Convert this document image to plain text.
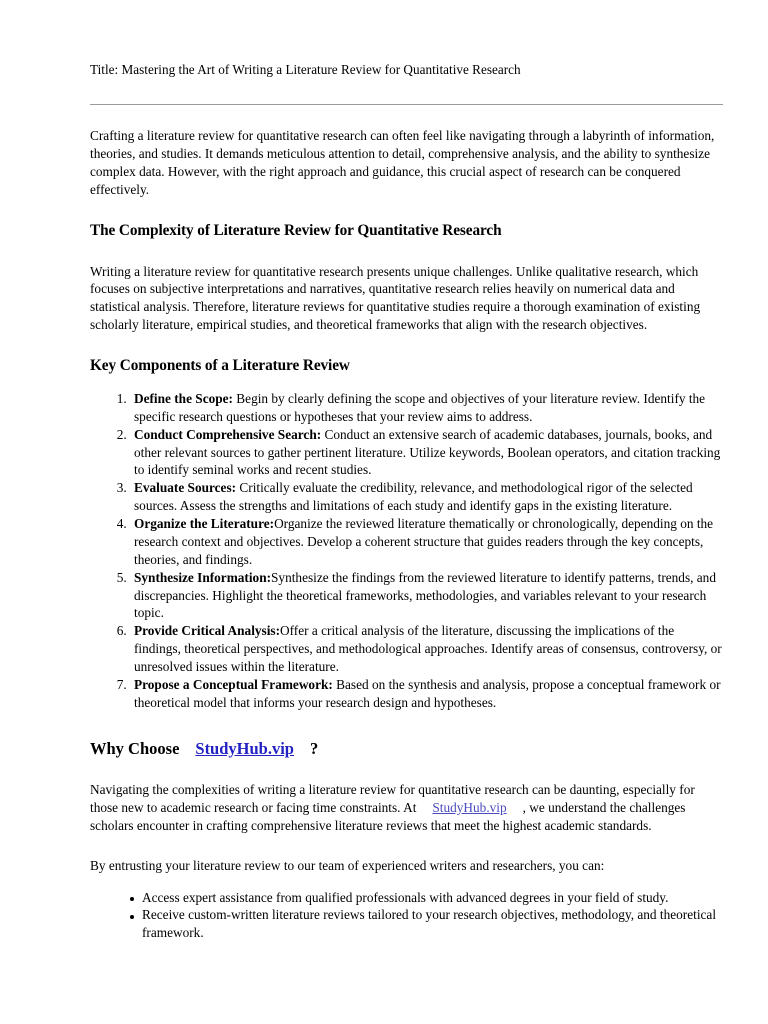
Title: Mastering the Art of Writing a Literature Review for Quantitative Research

Crafting a literature review for quantitative research can often feel like navigating through a labyrinth of information, theories, and studies. It demands meticulous attention to detail, comprehensive analysis, and the ability to synthesize complex data. However, with the right approach and guidance, this crucial aspect of research can be conquered effectively.

The Complexity of Literature Review for Quantitative Research

Writing a literature review for quantitative research presents unique challenges. Unlike qualitative research, which focuses on subjective interpretations and narratives, quantitative research relies heavily on numerical data and statistical analysis. Therefore, literature reviews for quantitative studies require a thorough examination of existing scholarly literature, empirical studies, and theoretical frameworks that align with the research objectives.

Key Components of a Literature Review
1. Define the Scope: Begin by clearly defining the scope and objectives of your literature review. Identify the specific research questions or hypotheses that your review aims to address.
2. Conduct Comprehensive Search: Conduct an extensive search of academic databases, journals, books, and other relevant sources to gather pertinent literature. Utilize keywords, Boolean operators, and citation tracking to identify seminal works and recent studies.
3. Evaluate Sources: Critically evaluate the credibility, relevance, and methodological rigor of the selected sources. Assess the strengths and limitations of each study and identify gaps in the existing literature.
4. Organize the Literature:Organize the reviewed literature thematically or chronologically, depending on the research context and objectives. Develop a coherent structure that guides readers through the key concepts, theories, and findings.
5. Synthesize Information:Synthesize the findings from the reviewed literature to identify patterns, trends, and discrepancies. Highlight the theoretical frameworks, methodologies, and variables relevant to your research topic.
6. Provide Critical Analysis:Offer a critical analysis of the literature, discussing the implications of the findings, theoretical perspectives, and methodological approaches. Identify areas of consensus, controversy, or unresolved issues within the literature.
7. Propose a Conceptual Framework: Based on the synthesis and analysis, propose a conceptual framework or theoretical model that informs your research design and hypotheses.
Why Choose StudyHub.vip ?

Navigating the complexities of writing a literature review for quantitative research can be daunting, especially for those new to academic research or facing time constraints. At StudyHub.vip , we understand the challenges scholars encounter in crafting comprehensive literature reviews that meet the highest academic standards.

By entrusting your literature review to our team of experienced writers and researchers, you can:

Access expert assistance from qualified professionals with advanced degrees in your field of study.
Receive custom-written literature reviews tailored to your research objectives, methodology, and theoretical framework.
